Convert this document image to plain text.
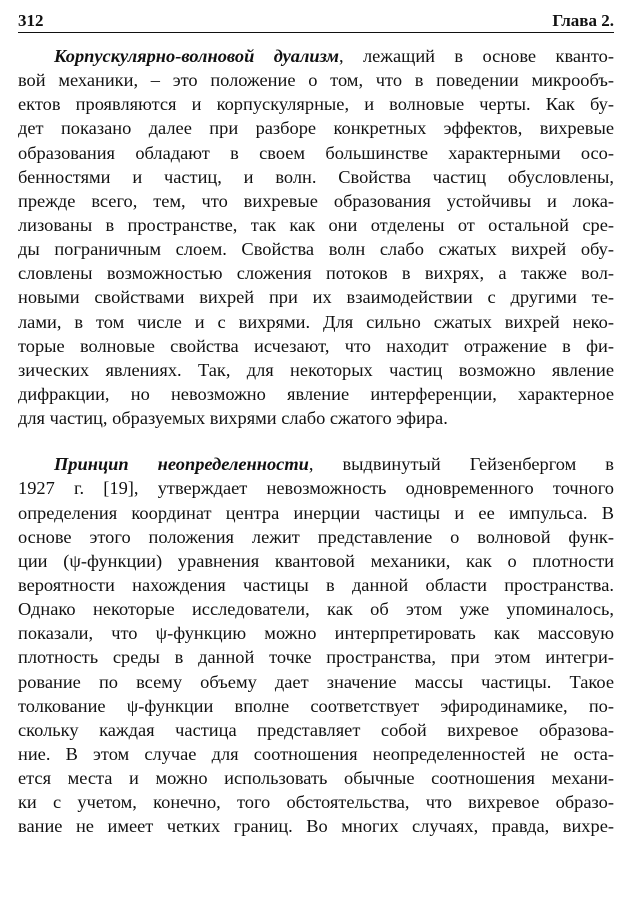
312	Глава 2.
Корпускулярно-волновой дуализм, лежащий в основе кванто-
вой механики, – это положение о том, что в поведении микрообъ-
ектов проявляются и корпускулярные, и волновые черты. Как бу-
дет показано далее при разборе конкретных эффектов, вихревые
образования обладают в своем большинстве характерными осо-
бенностями и частиц, и волн. Свойства частиц обусловлены,
прежде всего, тем, что вихревые образования устойчивы и лока-
лизованы в пространстве, так как они отделены от остальной сре-
ды пограничным слоем. Свойства волн слабо сжатых вихрей обу-
словлены возможностью сложения потоков в вихрях, а также вол-
новыми свойствами вихрей при их взаимодействии с другими те-
лами, в том числе и с вихрями. Для сильно сжатых вихрей неко-
торые волновые свойства исчезают, что находит отражение в фи-
зических явлениях. Так, для некоторых частиц возможно явление
дифракции, но невозможно явление интерференции, характерное
для частиц, образуемых вихрями слабо сжатого эфира.
Принцип неопределенности, выдвинутый Гейзенбергом в
1927 г. [19], утверждает невозможность одновременного точного
определения координат центра инерции частицы и ее импульса. В
основе этого положения лежит представление о волновой функ-
ции (ψ-функции) уравнения квантовой механики, как о плотности
вероятности нахождения частицы в данной области пространства.
Однако некоторые исследователи, как об этом уже упоминалось,
показали, что ψ-функцию можно интерпретировать как массовую
плотность среды в данной точке пространства, при этом интегри-
рование по всему объему дает значение массы частицы. Такое
толкование ψ-функции вполне соответствует эфиродинамике, по-
скольку каждая частица представляет собой вихревое образова-
ние. В этом случае для соотношения неопределенностей не оста-
ется места и можно использовать обычные соотношения механи-
ки с учетом, конечно, того обстоятельства, что вихревое образо-
вание не имеет четких границ. Во многих случаях, правда, вихре-
